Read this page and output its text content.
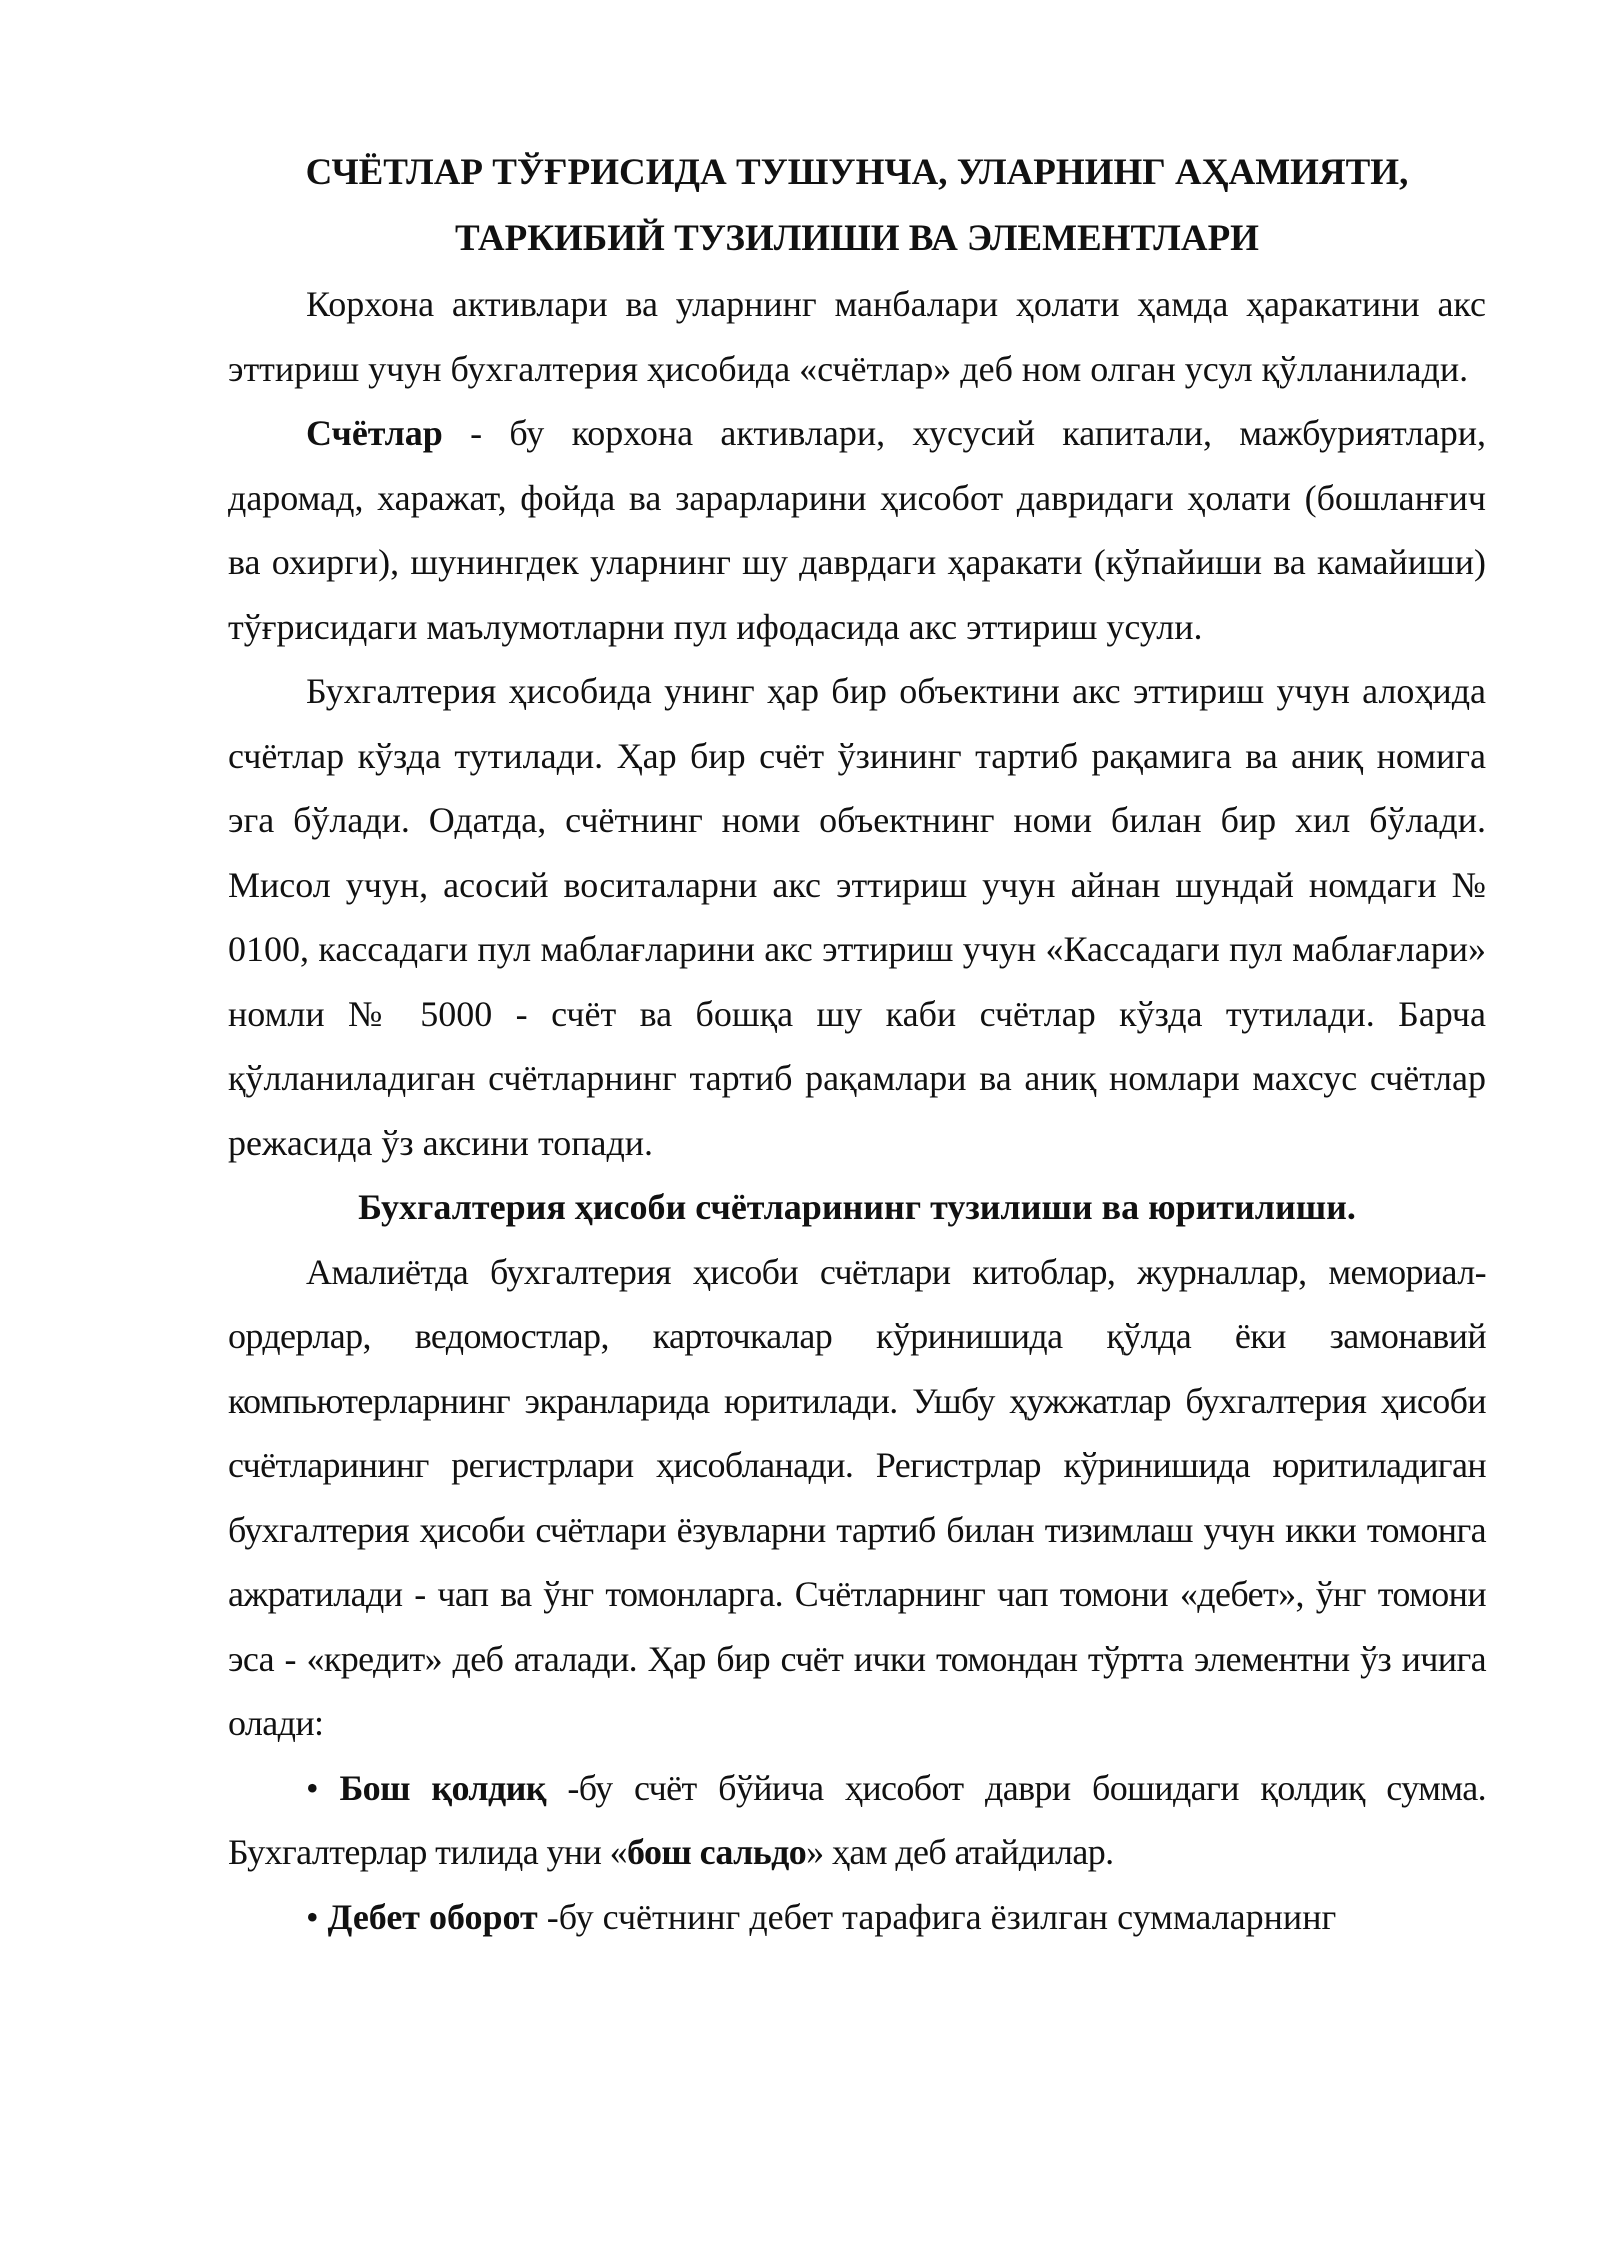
СЧЁТЛАР ТЎҒРИСИДА ТУШУНЧА, УЛАРНИНГ АҲАМИЯТИ,
ТАРКИБИЙ ТУЗИЛИШИ ВА ЭЛЕМЕНТЛАРИ

Корхона активлари ва уларнинг манбалари ҳолати ҳамда ҳаракатини акс эттириш учун бухгалтерия ҳисобида «счётлар» деб ном олган усул қўлланилади.

Счётлар - бу корхона активлари, хусусий капитали, мажбуриятлари, даромад, харажат, фойда ва зарарларини ҳисобот давридаги ҳолати (бошланғич ва охирги), шунингдек уларнинг шу даврдаги ҳаракати (кўпайиши ва камайиши) тўғрисидаги маълумотларни пул ифодасида акс эттириш усули.

Бухгалтерия ҳисобида унинг ҳар бир объектини акс эттириш учун алоҳида счётлар кўзда тутилади. Ҳар бир счёт ўзининг тартиб рақамига ва аниқ номига эга бўлади. Одатда, счётнинг номи объектнинг номи билан бир хил бўлади. Мисол учун, асосий воситаларни акс эттириш учун айнан шундай номдаги № 0100, кассадаги пул маблағларини акс эттириш учун «Кассадаги пул маблағлари» номли № 5000 - счёт ва бошқа шу каби счётлар кўзда тутилади. Барча қўлланиладиган счётларнинг тартиб рақамлари ва аниқ номлари махсус счётлар режасида ўз аксини топади.

Бухгалтерия ҳисоби счётларининг тузилиши ва юритилиши.

Амалиётда бухгалтерия ҳисоби счётлари китоблар, журналлар, мемориал-ордерлар, ведомостлар, карточкалар кўринишида қўлда ёки замонавий компьютерларнинг экранларида юритилади. Ушбу ҳужжатлар бухгалтерия ҳисоби счётларининг регистрлари ҳисобланади. Регистрлар кўринишида юритиладиган бухгалтерия ҳисоби счётлари ёзувларни тартиб билан тизимлаш учун икки томонга ажратилади - чап ва ўнг томонларга. Счётларнинг чап томони «дебет», ўнг томони эса - «кредит» деб аталади. Ҳар бир счёт ички томондан тўртта элементни ўз ичига олади:

• Бош қолдиқ -бу счёт бўйича ҳисобот даври бошидаги қолдиқ сумма. Бухгалтерлар тилида уни «бош сальдо» ҳам деб атайдилар.

• Дебет оборот -бу счётнинг дебет тарафига ёзилган суммаларнинг
